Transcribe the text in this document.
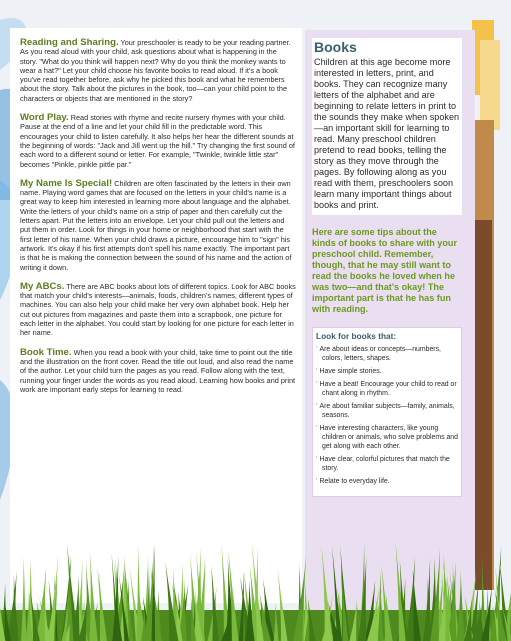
Reading and Sharing. Your preschooler is ready to be your reading partner. As you read aloud with your child, ask questions about what is happening in the story. "What do you think will happen next? Why do you think the monkey wants to wear a hat?" Let your child choose his favorite books to read aloud. If it's a book you've read together before, ask why he picked this book and what he remembers about the story. Talk about the pictures in the book, too—can your child point to the characters or objects that are mentioned in the story?
Word Play. Read stories with rhyme and recite nursery rhymes with your child. Pause at the end of a line and let your child fill in the predictable word. This encourages your child to listen carefully. It also helps her hear the different sounds at the beginning of words: "Jack and Jill went up the hill." Try changing the first sound of each word to a different sound or letter. For example, "Twinkle, twinkle little star" becomes "Pinkle, pinkle pittle par."
My Name Is Special! Children are often fascinated by the letters in their own name. Playing word games that are focused on the letters in your child's name is a great way to keep him interested in learning more about language and the alphabet. Write the letters of your child's name on a strip of paper and then carefully cut the letters apart. Put the letters into an envelope. Let your child pull out the letters and put them in order. Look for things in your home or neighborhood that start with the first letter of his name. When your child draws a picture, encourage him to "sign" his artwork. It's okay if his first attempts don't spell his name exactly. The important part is that he is making the connection between the sound of his name and the action of writing it down.
My ABCs. There are ABC books about lots of different topics. Look for ABC books that match your child's interests—animals, foods, children's names, different types of machines. You can also help your child make her very own alphabet book. Help her cut out pictures from magazines and paste them into a scrapbook, one picture for each letter in the alphabet. You could start by looking for one picture for each letter in her name.
Book Time. When you read a book with your child, take time to point out the title and the illustration on the front cover. Read the title out loud, and also read the name of the author. Let your child turn the pages as you read. Follow along with the text, running your finger under the words as you read aloud. Learning how books and print work are important early steps for learning to read.
Books
Children at this age become more interested in letters, print, and books. They can recognize many letters of the alphabet and are beginning to relate letters in print to the sounds they make when spoken—an important skill for learning to read. Many preschool children pretend to read books, telling the story as they move through the pages. By following along as you read with them, preschoolers soon learn many important things about books and print.
Here are some tips about the kinds of books to share with your preschool child. Remember, though, that he may still want to read the books he loved when he was two—and that's okay! The important part is that he has fun with reading.
Look for books that:
’ Are about ideas or concepts—numbers, colors, letters, shapes.
’ Have simple stories.
’ Have a beat! Encourage your child to read or chant along in rhythm.
’ Are about familiar subjects—family, animals, seasons.
’ Have interesting characters, like young children or animals, who solve problems and get along with each other.
’ Have clear, colorful pictures that match the story.
’ Relate to everyday life.
